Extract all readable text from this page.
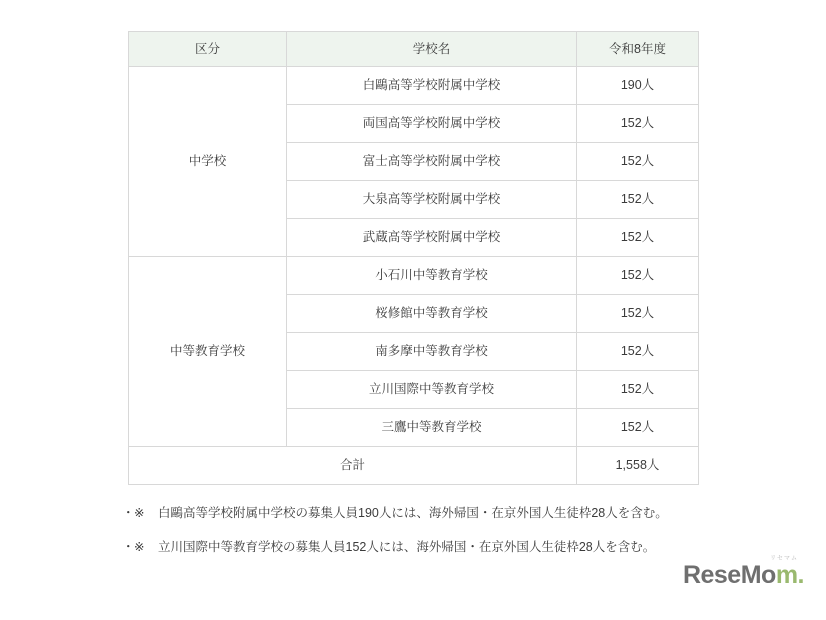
区分	学校名	令和8年度
中学校	白鷗高等学校附属中学校	190人
	両国高等学校附属中学校	152人
	富士高等学校附属中学校	152人
	大泉高等学校附属中学校	152人
	武蔵高等学校附属中学校	152人
中等教育学校	小石川中等教育学校	152人
	桜修館中等教育学校	152人
	南多摩中等教育学校	152人
	立川国際中等教育学校	152人
	三鷹中等教育学校	152人
合計		1,558人
・ ※	白鷗高等学校附属中学校の募集人員190人には、海外帰国・在京外国人生徒枠28人を含む。
・ ※	立川国際中等教育学校の募集人員152人には、海外帰国・在京外国人生徒枠28人を含む。
リセマム
ReseMom.
